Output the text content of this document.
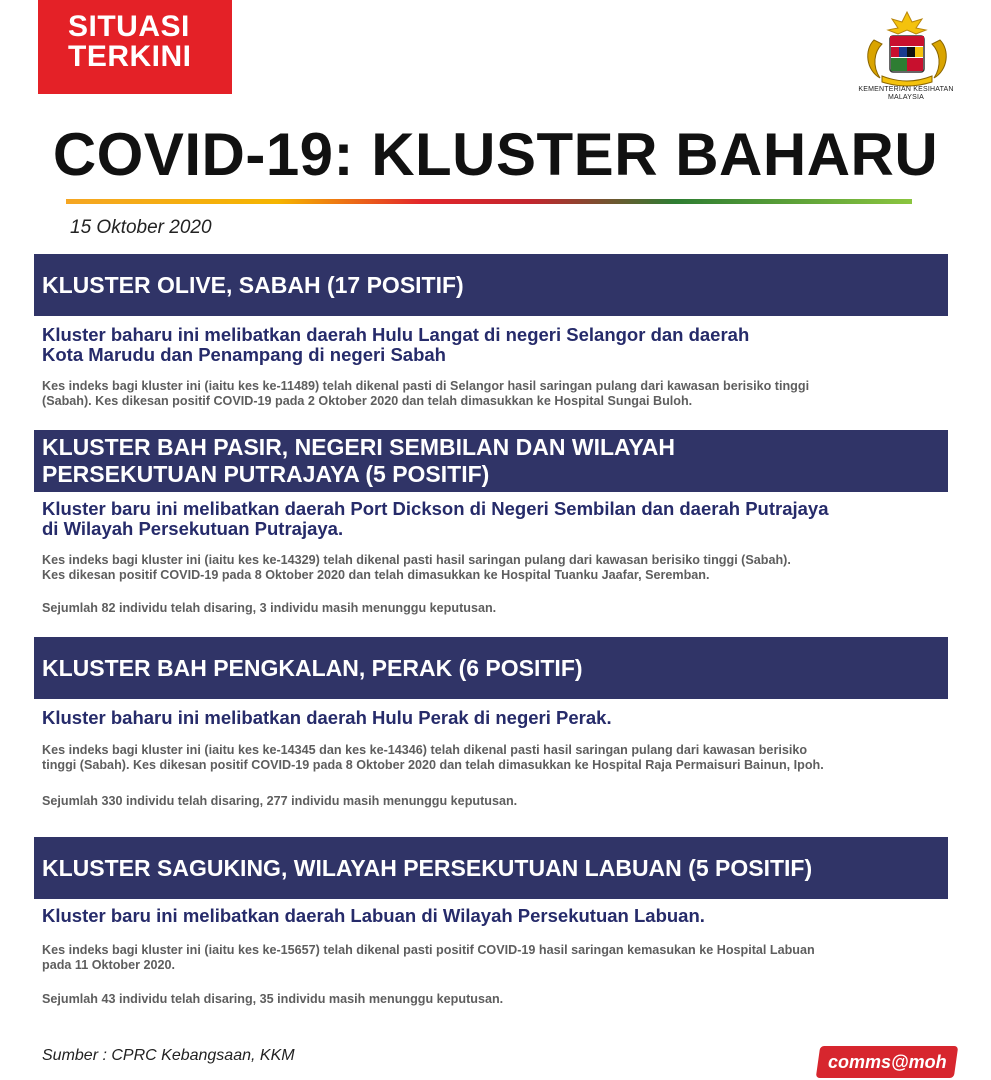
SITUASI
TERKINI
KEMENTERIAN KESIHATAN
MALAYSIA
COVID-19: KLUSTER BAHARU
15 Oktober 2020
KLUSTER OLIVE, SABAH (17 POSITIF)
Kluster baharu ini melibatkan daerah Hulu Langat di negeri Selangor dan daerah
Kota Marudu dan Penampang di negeri Sabah
Kes indeks bagi kluster ini (iaitu kes ke-11489) telah dikenal pasti di Selangor hasil saringan pulang dari kawasan berisiko tinggi
(Sabah). Kes dikesan positif COVID-19 pada 2 Oktober 2020 dan telah dimasukkan ke Hospital Sungai Buloh.
KLUSTER BAH PASIR, NEGERI SEMBILAN DAN WILAYAH
PERSEKUTUAN PUTRAJAYA (5 POSITIF)
Kluster baru ini melibatkan daerah Port Dickson di Negeri Sembilan dan daerah Putrajaya
di Wilayah Persekutuan Putrajaya.
Kes indeks bagi kluster ini (iaitu kes ke-14329) telah dikenal pasti hasil saringan pulang dari kawasan berisiko tinggi (Sabah).
Kes dikesan positif COVID-19 pada 8 Oktober 2020 dan telah dimasukkan ke Hospital Tuanku Jaafar, Seremban.
Sejumlah 82 individu telah disaring, 3 individu masih menunggu keputusan.
KLUSTER BAH PENGKALAN, PERAK (6 POSITIF)
Kluster baharu ini melibatkan daerah Hulu Perak di negeri Perak.
Kes indeks bagi kluster ini (iaitu kes ke-14345 dan kes ke-14346) telah dikenal pasti hasil saringan pulang dari kawasan berisiko
tinggi (Sabah). Kes dikesan positif COVID-19 pada 8 Oktober 2020 dan telah dimasukkan ke Hospital Raja Permaisuri Bainun, Ipoh.
Sejumlah 330 individu telah disaring, 277 individu masih menunggu keputusan.
KLUSTER SAGUKING, WILAYAH PERSEKUTUAN LABUAN (5 POSITIF)
Kluster baru ini melibatkan daerah Labuan di Wilayah Persekutuan Labuan.
Kes indeks bagi kluster ini (iaitu kes ke-15657) telah dikenal pasti positif COVID-19 hasil saringan kemasukan ke Hospital Labuan
pada 11 Oktober 2020.
Sejumlah 43 individu telah disaring, 35 individu masih menunggu keputusan.
Sumber : CPRC Kebangsaan, KKM	comms@moh
